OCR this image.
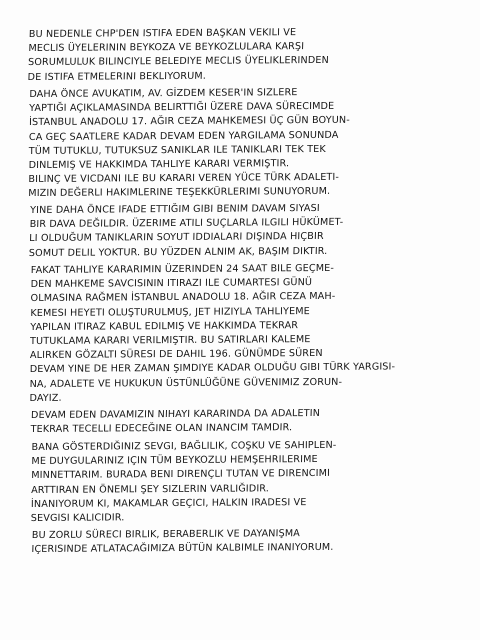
BU NEDENLE CHP'DEN ISTIFA EDEN BAŞKAN VEKILI VE
MECLIS ÜYELERININ BEYKOZA VE BEYKOZLULARA KARŞI
SORUMLULUK BILINCIYLE BELEDIYE MECLIS ÜYELIKLERINDEN
DE ISTIFA ETMELERINI BEKLIYORUM.

DAHA ÖNCE AVUKATIM, AV. GİZDEM KESER'IN SIZLERE
YAPTIĞI AÇIKLAMASINDA BELIRTTIĞI ÜZERE DAVA SÜRECIMDE
İSTANBUL ANADOLU 17. AĞIR CEZA MAHKEMESI ÜÇ GÜN BOYUN-
CA GEÇ SAATLERE KADAR DEVAM EDEN YARGILAMA SONUNDA
TÜM TUTUKLU, TUTUKSUZ SANIKLAR ILE TANIKLARI TEK TEK
DINLEMIŞ VE HAKKIMDA TAHLIYE KARARI VERMIŞTIR.
BILINÇ VE VICDANI ILE BU KARARI VEREN YÜCE TÜRK ADALETI-
MIZIN DEĞERLI HAKIMLERINE TEŞEKKÜRLERIMI SUNUYORUM.

YINE DAHA ÖNCE IFADE ETTIĞIM GIBI BENIM DAVAM SIYASI
BIR DAVA DEĞILDIR. ÜZERIME ATILI SUÇLARLA ILGILI HÜKÜMET-
LI OLDUĞUM TANIKLARIN SOYUT IDDIALARI DIŞINDA HIÇBIR
SOMUT DELIL YOKTUR. BU YÜZDEN ALNIM AK, BAŞIM DIKTIR.

FAKAT TAHLIYE KARARIMIN ÜZERINDEN 24 SAAT BILE GEÇME-
DEN MAHKEME SAVCISININ ITIRAZI ILE CUMARTESI GÜNÜ
OLMASINA RAĞMEN İSTANBUL ANADOLU 18. AĞIR CEZA MAH-
KEMESI HEYETI OLUŞTURULMUŞ, JET HIZIYLA TAHLIYEME
YAPILAN ITIRAZ KABUL EDILMIŞ VE HAKKIMDA TEKRAR
TUTUKLAMA KARARI VERILMIŞTIR. BU SATIRLARI KALEME
ALIRKEN GÖZALTI SÜRESI DE DAHIL 196. GÜNÜMDE SÜREN
DEVAM YINE DE HER ZAMAN ŞIMDIYE KADAR OLDUĞU GIBI TÜRK YARGISI-
NA, ADALETE VE HUKUKUN ÜSTÜNLÜĞÜNE GÜVENIMIZ ZORUN-
DAYIZ.

DEVAM EDEN DAVAMIZIN NIHAYI KARARINDA DA ADALETIN
TEKRAR TECELLI EDECEĞINE OLAN INANCIM TAMDIR.

BANA GÖSTERDIĞINIZ SEVGI, BAĞLILIK, COŞKU VE SAHIPLEN-
ME DUYGULARINIZ IÇIN TÜM BEYKOZLU HEMŞEHRILERIME
MINNETTARIM. BURADA BENI DIRENÇLI TUTAN VE DIRENCIMI
ARTTIRAN EN ÖNEMLI ŞEY SIZLERIN VARLIĞIDIR.
İNANIYORUM KI, MAKAMLAR GEÇICI, HALKIN IRADESI VE
SEVGISI KALICIDIR.

BU ZORLU SÜRECI BIRLIK, BERABERLIK VE DAYANIŞMA
IÇERISINDE ATLATACAĞIMIZA BÜTÜN KALBIMLE INANIYORUM.
